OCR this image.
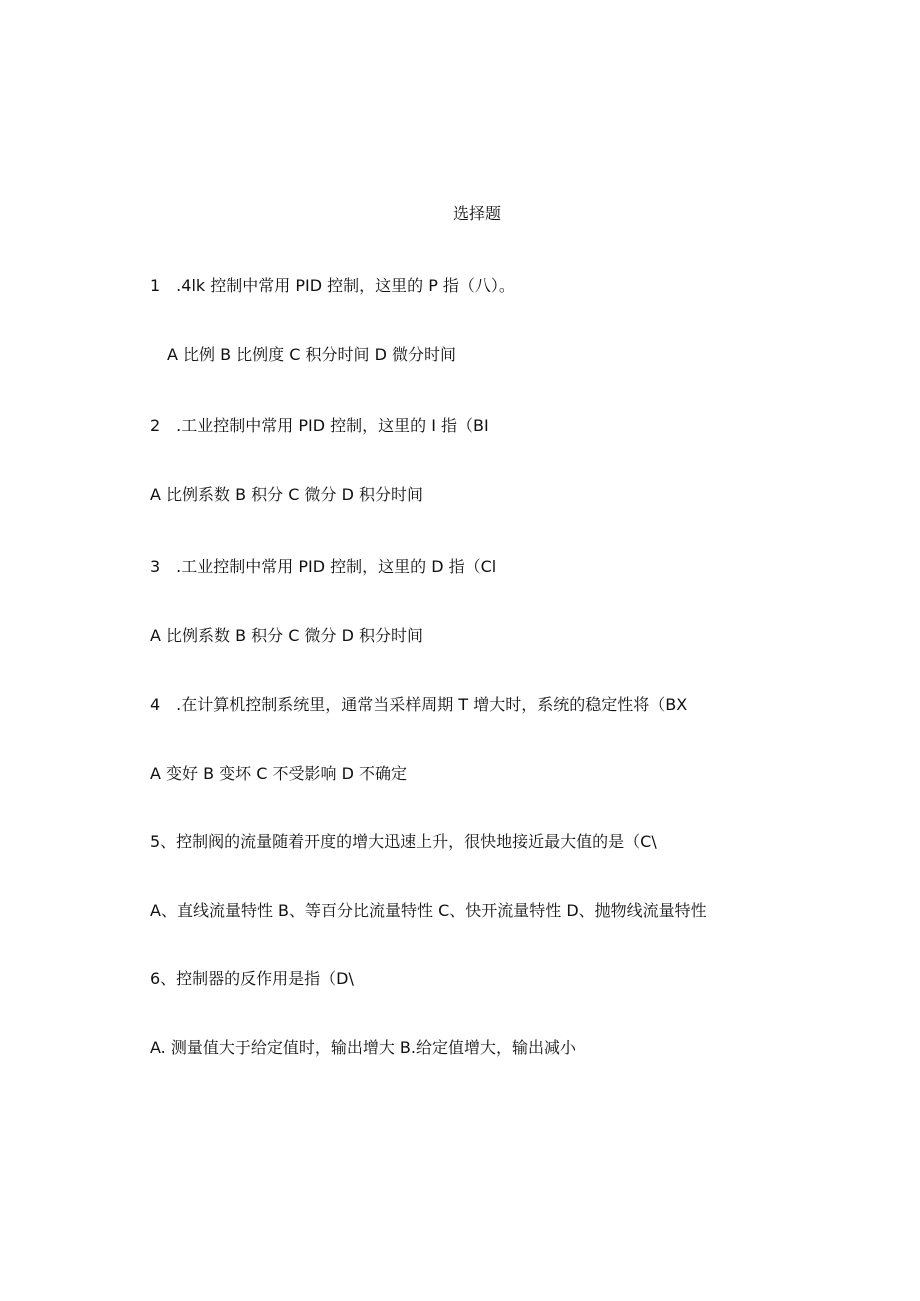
选择题
1　.4lk 控制中常用 PID 控制，这里的 P 指（八）。
A 比例 B 比例度 C 积分时间 D 微分时间
2　.工业控制中常用 PID 控制，这里的 I 指（BI
A 比例系数 B 积分 C 微分 D 积分时间
3　.工业控制中常用 PID 控制，这里的 D 指（Cl
A 比例系数 B 积分 C 微分 D 积分时间
4　.在计算机控制系统里，通常当采样周期 T 增大时，系统的稳定性将（BX
A 变好 B 变坏 C 不受影响 D 不确定
5、控制阀的流量随着开度的增大迅速上升，很快地接近最大值的是（C\
A、直线流量特性 B、等百分比流量特性 C、快开流量特性 D、抛物线流量特性
6、控制器的反作用是指（D\
A. 测量值大于给定值时，输出增大 B.给定值增大，输出减小
